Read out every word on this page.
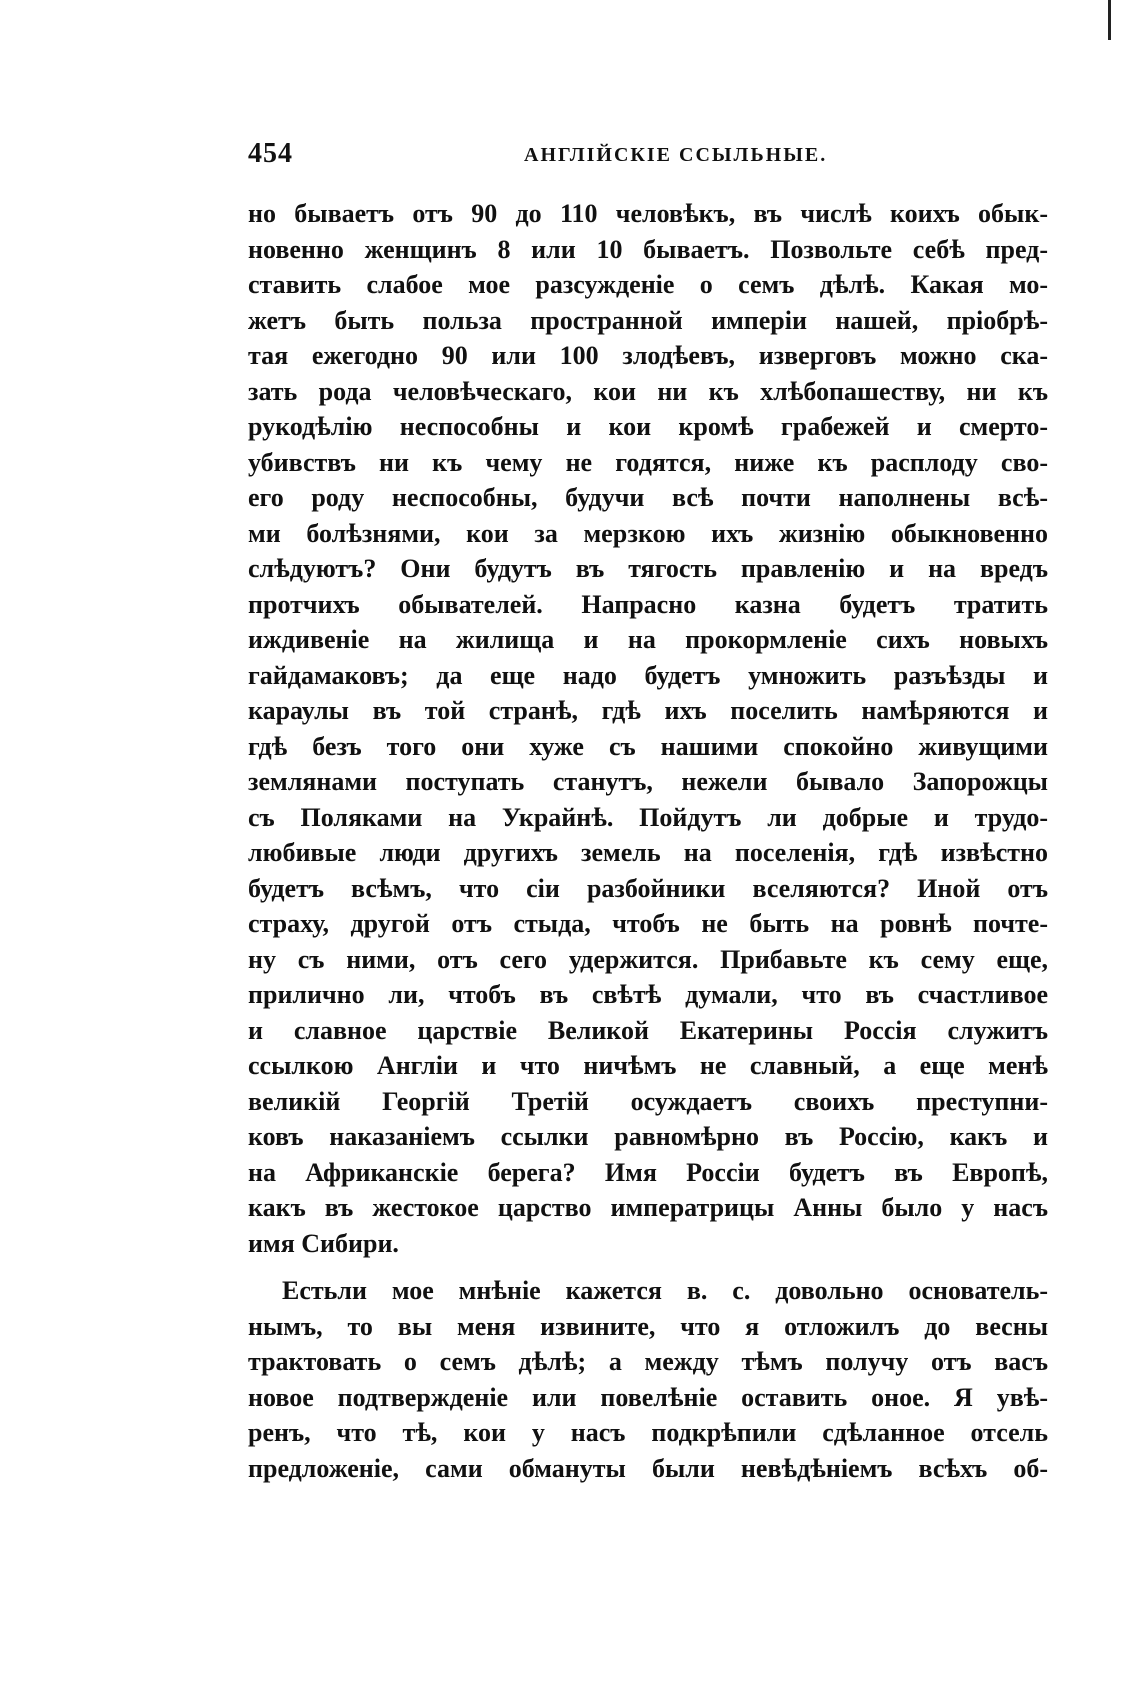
454	АНГЛІЙСКІЕ ССЫЛЬНЫЕ.
но бываетъ отъ 90 до 110 человѣкъ, въ числѣ коихъ обык-
новенно женщинъ 8 или 10 бываетъ. Позвольте себѣ пред-
ставить слабое мое разсужденіе о семъ дѣлѣ. Какая мо-
жетъ быть польза пространной имперіи нашей, пріобрѣ-
тая ежегодно 90 или 100 злодѣевъ, изверговъ можно ска-
зать рода человѣческаго, кои ни къ хлѣбопашеству, ни къ
рукодѣлію неспособны и кои кромѣ грабежей и смерто-
убивствъ ни къ чему не годятся, ниже къ расплоду сво-
его роду неспособны, будучи всѣ почти наполнены всѣ-
ми болѣзнями, кои за мерзкою ихъ жизнію обыкновенно
слѣдуютъ? Они будутъ въ тягость правленію и на вредъ
протчихъ обывателей. Напрасно казна будетъ тратить
иждивеніе на жилища и на прокормленіе сихъ новыхъ
гайдамаковъ; да еще надо будетъ умножить разъѣзды и
караулы въ той странѣ, гдѣ ихъ поселить намѣряются и
гдѣ безъ того они хуже съ нашими спокойно живущими
землянами поступать станутъ, нежели бывало Запорожцы
съ Поляками на Украйнѣ. Пойдутъ ли добрые и трудо-
любивые люди другихъ земель на поселенія, гдѣ извѣстно
будетъ всѣмъ, что сіи разбойники вселяются? Иной отъ
страху, другой отъ стыда, чтобъ не быть на ровнѣ почте-
ну съ ними, отъ сего удержится. Прибавьте къ сему еще,
прилично ли, чтобъ въ свѣтѣ думали, что въ счастливое
и славное царствіе Великой Екатерины Россія служитъ
ссылкою Англіи и что ничѣмъ не славный, а еще менѣ
великій Георгій Третій осуждаетъ своихъ преступни-
ковъ наказаніемъ ссылки равномѣрно въ Россію, какъ и
на Африканскіе берега? Имя Россіи будетъ въ Европѣ,
какъ въ жестокое царство императрицы Анны было у насъ
имя Сибири.
Естьли мое мнѣніе кажется в. с. довольно основатель-
нымъ, то вы меня извините, что я отложилъ до весны
трактовать о семъ дѣлѣ; а между тѣмъ получу отъ васъ
новое подтвержденіе или повелѣніе оставить оное. Я увѣ-
ренъ, что тѣ, кои у насъ подкрѣпили сдѣланное отсель
предложеніе, сами обмануты были невѣдѣніемъ всѣхъ об-
